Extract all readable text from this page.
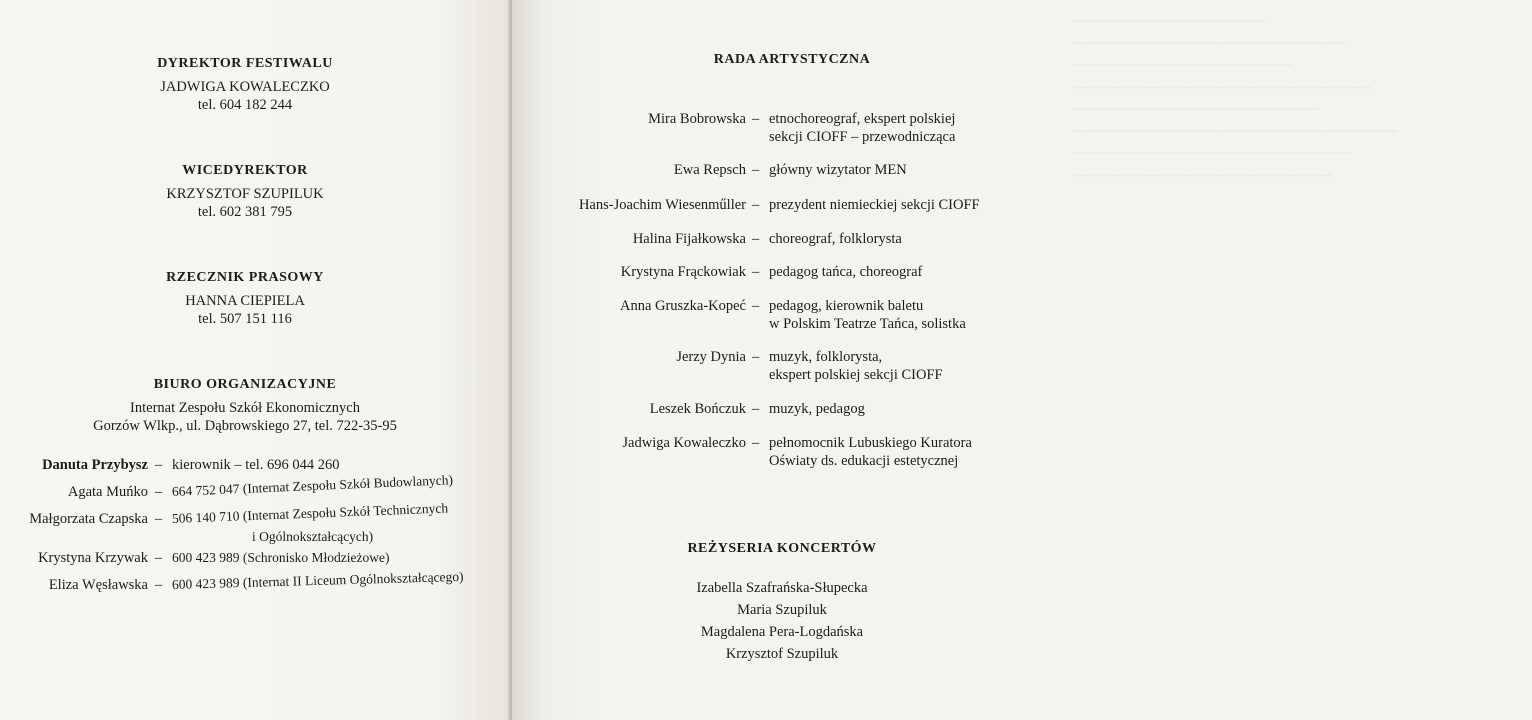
DYREKTOR FESTIWALU
JADWIGA KOWALECZKO
tel. 604 182 244
WICEDYREKTOR
KRZYSZTOF SZUPILUK
tel. 602 381 795
RZECZNIK PRASOWY
HANNA CIEPIELA
tel. 507 151 116
BIURO ORGANIZACYJNE
Internat Zespołu Szkół Ekonomicznych
Gorzów Wlkp., ul. Dąbrowskiego 27, tel. 722-35-95
Danuta Przybysz – kierownik – tel. 696 044 260
Agata Muńko – 664 752 047 (Internat Zespołu Szkół Budowlanych)
Małgorzata Czapska – 506 140 710 (Internat Zespołu Szkół Technicznych
i Ogólnokształcących)
Krystyna Krzywak – 600 423 989 (Schronisko Młodzieżowe)
Eliza Węsławska – 600 423 989 (Internat II Liceum Ogólnokształcącego)
~~~~~~~~~~~~~~~~~~~~~~~~~~~~~~
~~~~~~~~~~~~~~~~~~~~~~~~~~~~~~~~~~~~~~~~~~
~~~~~~~~~~~~~~~~~~~~~~~~~~~~~~~~~~
~~~~~~~~~~~~~~~~~~~~~~~~~~~~~~~~~~~~~~~~~~~~~~
~~~~~~~~~~~~~~~~~~~~~~~~~~~~~~~~~~~~~~
~~~~~~~~~~~~~~~~~~~~~~~~~~~~~~~~~~~~~~~~~~~~~~~~~~
~~~~~~~~~~~~~~~~~~~~~~~~~~~~~~~~~~~~~~~~~~~
~~~~~~~~~~~~~~~~~~~~~~~~~~~~~~~~~~~~~~~~
RADA ARTYSTYCZNA
Mira Bobrowska – etnochoreograf, ekspert polskiej
sekcji CIOFF – przewodnicząca
Ewa Repsch – główny wizytator MEN
Hans-Joachim Wiesenműller – prezydent niemieckiej sekcji CIOFF
Halina Fijałkowska – choreograf, folklorysta
Krystyna Frąckowiak – pedagog tańca, choreograf
Anna Gruszka-Kopeć – pedagog, kierownik baletu
w Polskim Teatrze Tańca, solistka
Jerzy Dynia – muzyk, folklorysta,
ekspert polskiej sekcji CIOFF
Leszek Bończuk – muzyk, pedagog
Jadwiga Kowaleczko – pełnomocnik Lubuskiego Kuratora
Oświaty ds. edukacji estetycznej
REŻYSERIA KONCERTÓW
Izabella Szafrańska-Słupecka
Maria Szupiluk
Magdalena Pera-Logdańska
Krzysztof Szupiluk
